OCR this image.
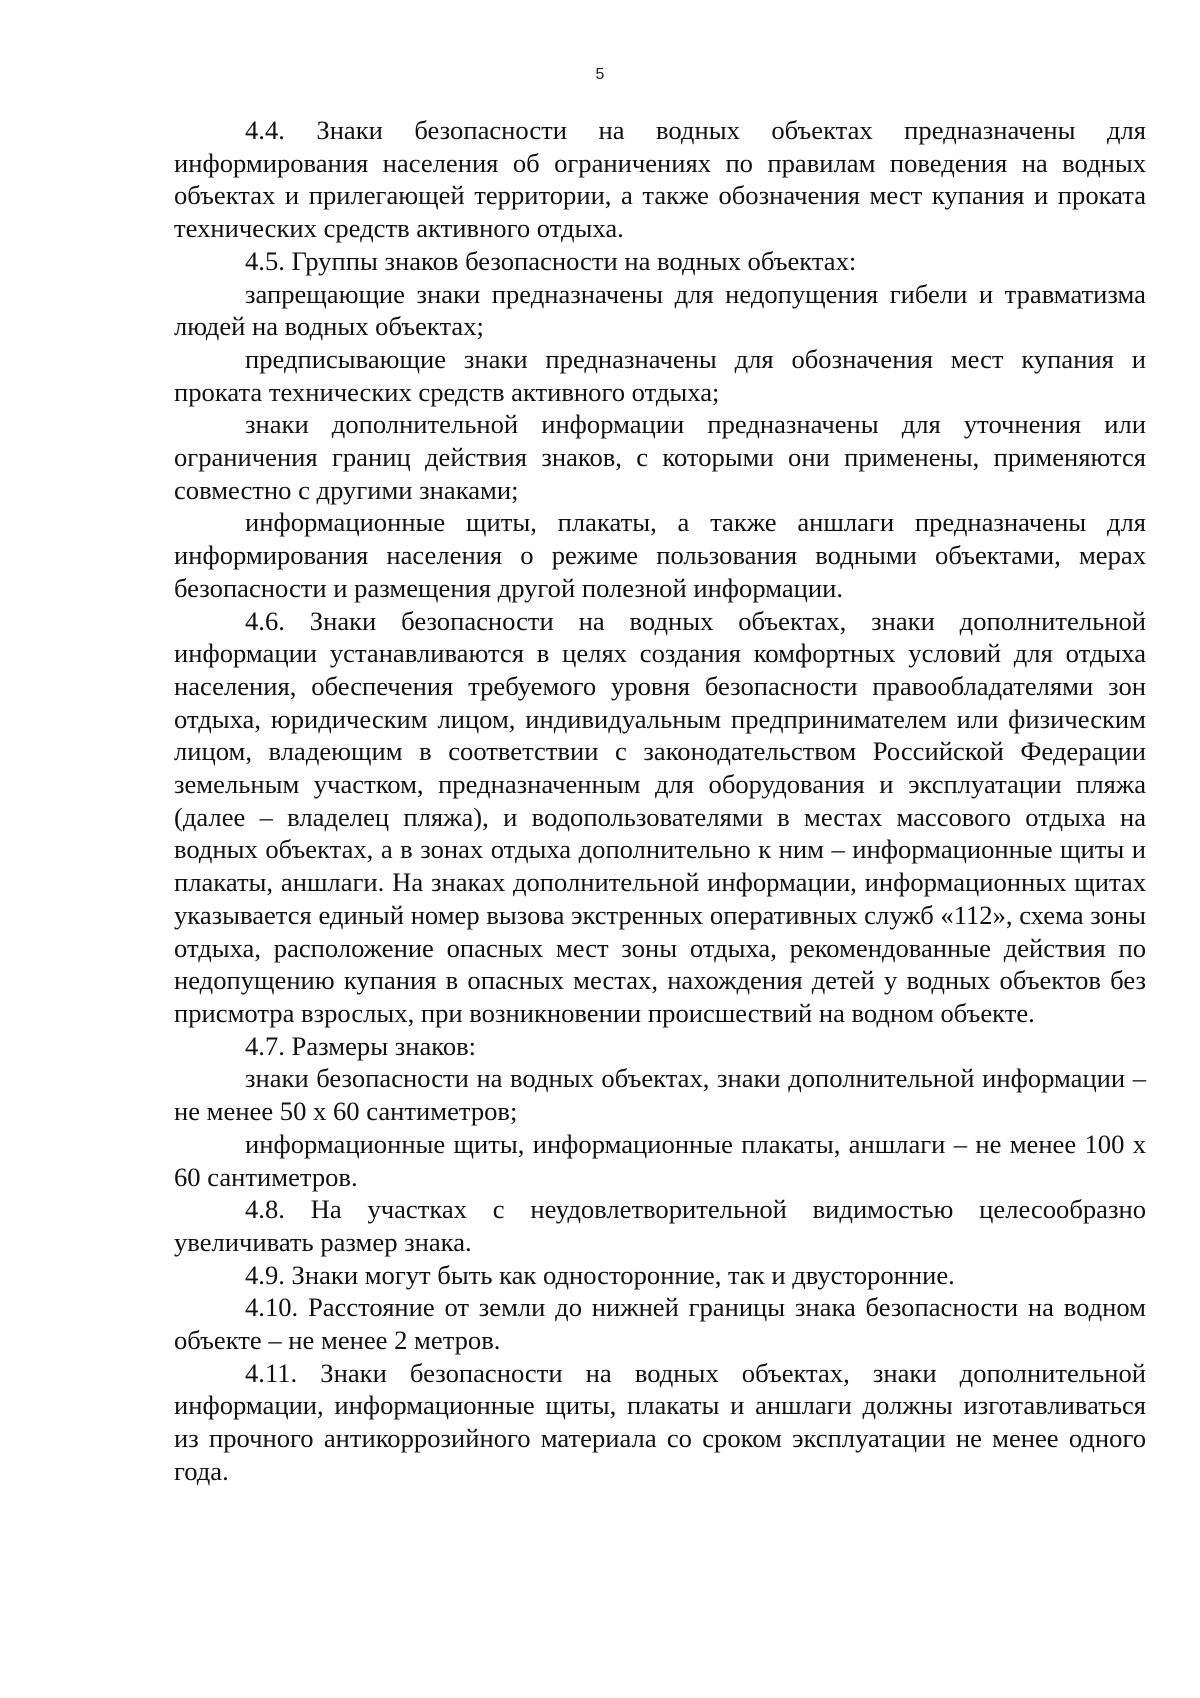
5

4.4. Знаки безопасности на водных объектах предназначены для информирования населения об ограничениях по правилам поведения на водных объектах и прилегающей территории, а также обозначения мест купания и проката технических средств активного отдыха.

4.5. Группы знаков безопасности на водных объектах:

запрещающие знаки предназначены для недопущения гибели и травматизма людей на водных объектах;

предписывающие знаки предназначены для обозначения мест купания и проката технических средств активного отдыха;

знаки дополнительной информации предназначены для уточнения или ограничения границ действия знаков, с которыми они применены, применяются совместно с другими знаками;

информационные щиты, плакаты, а также аншлаги предназначены для информирования населения о режиме пользования водными объектами, мерах безопасности и размещения другой полезной информации.

4.6. Знаки безопасности на водных объектах, знаки дополнительной информации устанавливаются в целях создания комфортных условий для отдыха населения, обеспечения требуемого уровня безопасности правообладателями зон отдыха, юридическим лицом, индивидуальным предпринимателем или физическим лицом, владеющим в соответствии с законодательством Российской Федерации земельным участком, предназначенным для оборудования и эксплуатации пляжа (далее – владелец пляжа), и водопользователями в местах массового отдыха на водных объектах, а в зонах отдыха дополнительно к ним – информационные щиты и плакаты, аншлаги. На знаках дополнительной информации, информационных щитах указывается единый номер вызова экстренных оперативных служб «112», схема зоны отдыха, расположение опасных мест зоны отдыха, рекомендованные действия по недопущению купания в опасных местах, нахождения детей у водных объектов без присмотра взрослых, при возникновении происшествий на водном объекте.

4.7. Размеры знаков:

знаки безопасности на водных объектах, знаки дополнительной информации – не менее 50 х 60 сантиметров;

информационные щиты, информационные плакаты, аншлаги – не менее 100 х 60 сантиметров.

4.8. На участках с неудовлетворительной видимостью целесообразно увеличивать размер знака.

4.9. Знаки могут быть как односторонние, так и двусторонние.

4.10. Расстояние от земли до нижней границы знака безопасности на водном объекте – не менее 2 метров.

4.11. Знаки безопасности на водных объектах, знаки дополнительной информации, информационные щиты, плакаты и аншлаги должны изготавливаться из прочного антикоррозийного материала со сроком эксплуатации не менее одного года.
